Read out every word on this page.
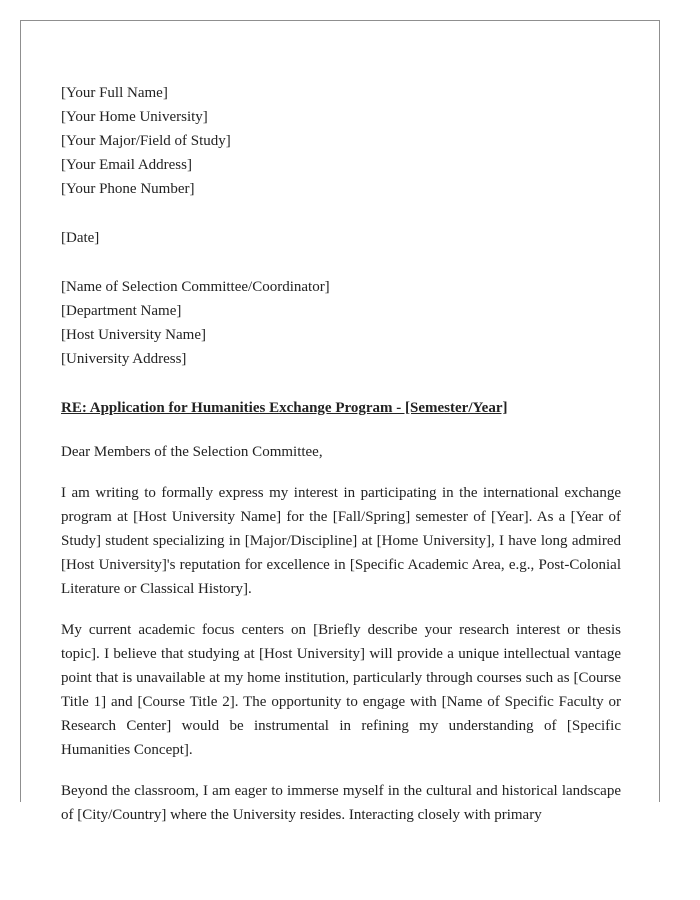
[Your Full Name]
[Your Home University]
[Your Major/Field of Study]
[Your Email Address]
[Your Phone Number]
[Date]
[Name of Selection Committee/Coordinator]
[Department Name]
[Host University Name]
[University Address]
RE: Application for Humanities Exchange Program - [Semester/Year]
Dear Members of the Selection Committee,

I am writing to formally express my interest in participating in the international exchange program at [Host University Name] for the [Fall/Spring] semester of [Year]. As a [Year of Study] student specializing in [Major/Discipline] at [Home University], I have long admired [Host University]'s reputation for excellence in [Specific Academic Area, e.g., Post-Colonial Literature or Classical History].

My current academic focus centers on [Briefly describe your research interest or thesis topic]. I believe that studying at [Host University] will provide a unique intellectual vantage point that is unavailable at my home institution, particularly through courses such as [Course Title 1] and [Course Title 2]. The opportunity to engage with [Name of Specific Faculty or Research Center] would be instrumental in refining my understanding of [Specific Humanities Concept].

Beyond the classroom, I am eager to immerse myself in the cultural and historical landscape of [City/Country] where the University resides. Interacting closely with primary
